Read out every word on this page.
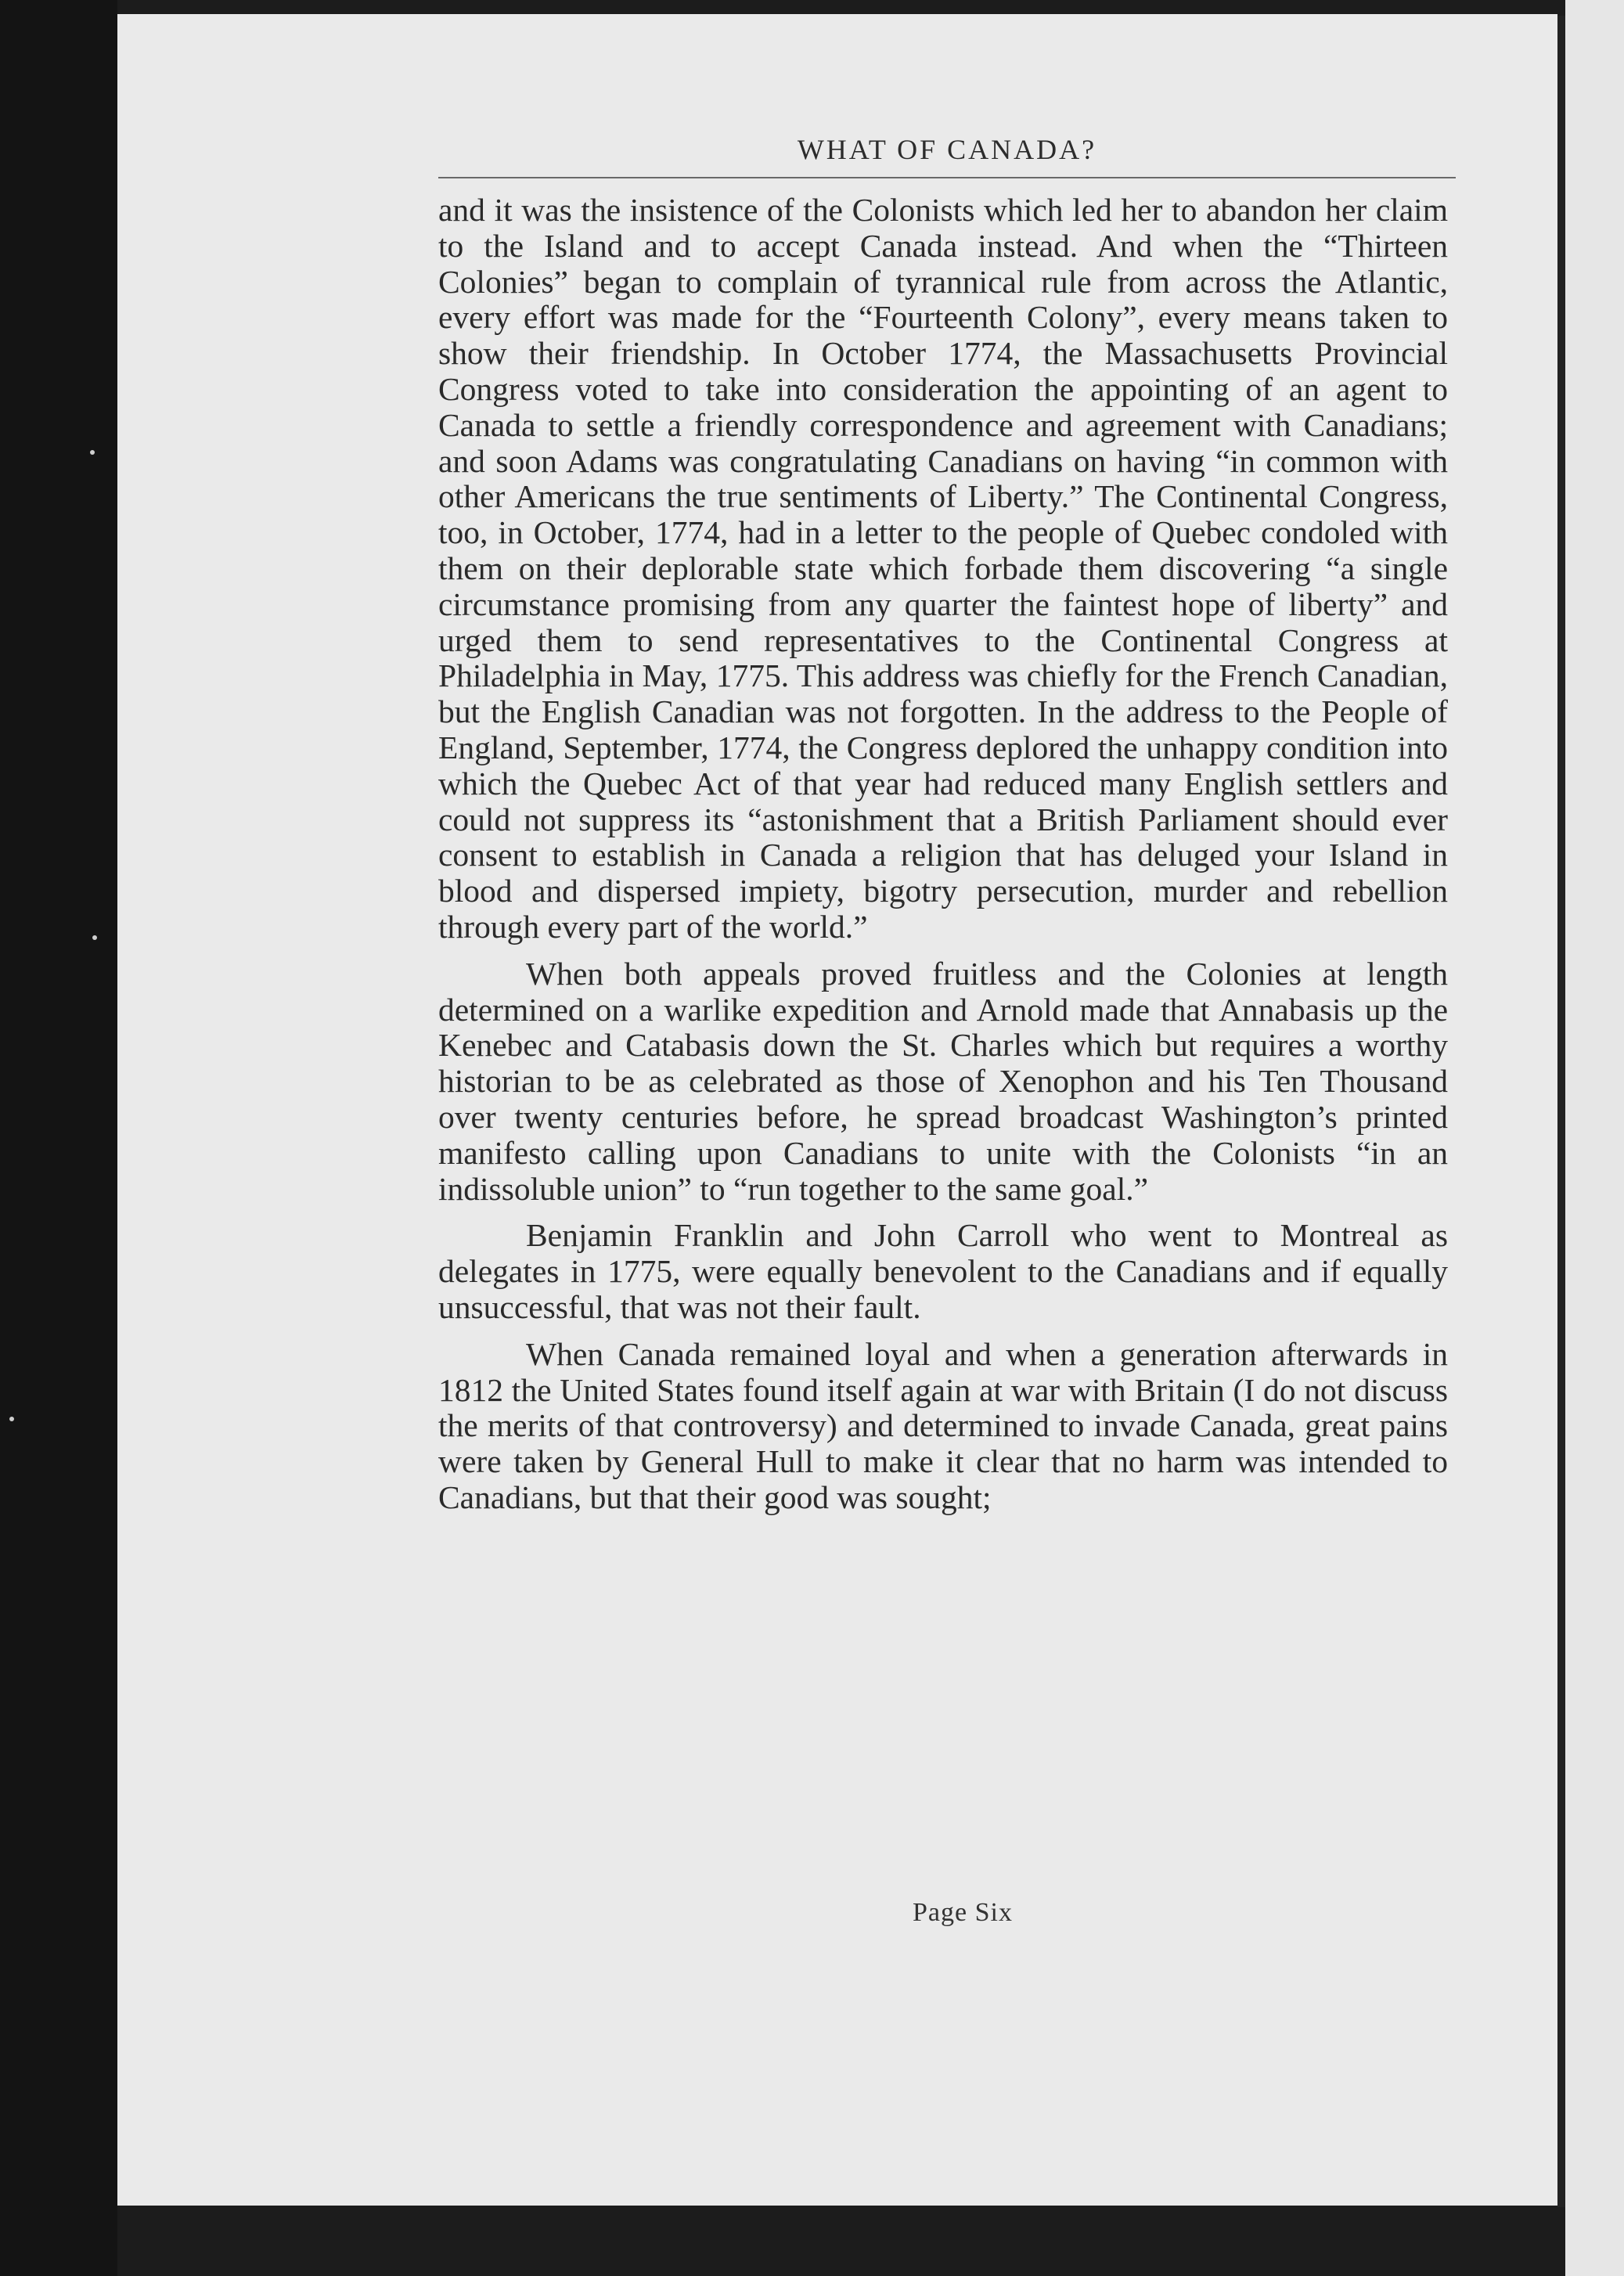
WHAT OF CANADA?

and it was the insistence of the Colonists which led her to abandon her claim to the Island and to accept Canada instead. And when the “Thirteen Colonies” began to complain of tyrannical rule from across the Atlantic, every effort was made for the “Fourteenth Colony”, every means taken to show their friendship. In October 1774, the Massachusetts Provincial Congress voted to take into consideration the appointing of an agent to Canada to settle a friendly correspondence and agreement with Canadians; and soon Adams was congratulating Canadians on having “in common with other Americans the true sentiments of Liberty.” The Continental Congress, too, in October, 1774, had in a letter to the people of Quebec condoled with them on their deplorable state which forbade them discovering “a single circumstance promising from any quarter the faintest hope of liberty” and urged them to send representatives to the Continental Congress at Philadelphia in May, 1775. This address was chiefly for the French Canadian, but the English Canadian was not forgotten. In the address to the People of England, September, 1774, the Congress deplored the unhappy condition into which the Quebec Act of that year had reduced many English settlers and could not suppress its “astonishment that a British Parliament should ever consent to establish in Canada a religion that has deluged your Island in blood and dispersed impiety, bigotry persecution, murder and rebellion through every part of the world.”

When both appeals proved fruitless and the Colonies at length determined on a warlike expedition and Arnold made that Annabasis up the Kenebec and Catabasis down the St. Charles which but requires a worthy historian to be as celebrated as those of Xenophon and his Ten Thousand over twenty centuries before, he spread broadcast Washington’s printed manifesto calling upon Canadians to unite with the Colonists “in an indissoluble union” to “run together to the same goal.”

Benjamin Franklin and John Carroll who went to Montreal as delegates in 1775, were equally benevolent to the Canadians and if equally unsuccessful, that was not their fault.

When Canada remained loyal and when a generation afterwards in 1812 the United States found itself again at war with Britain (I do not discuss the merits of that controversy) and determined to invade Canada, great pains were taken by General Hull to make it clear that no harm was intended to Canadians, but that their good was sought;

Page Six
